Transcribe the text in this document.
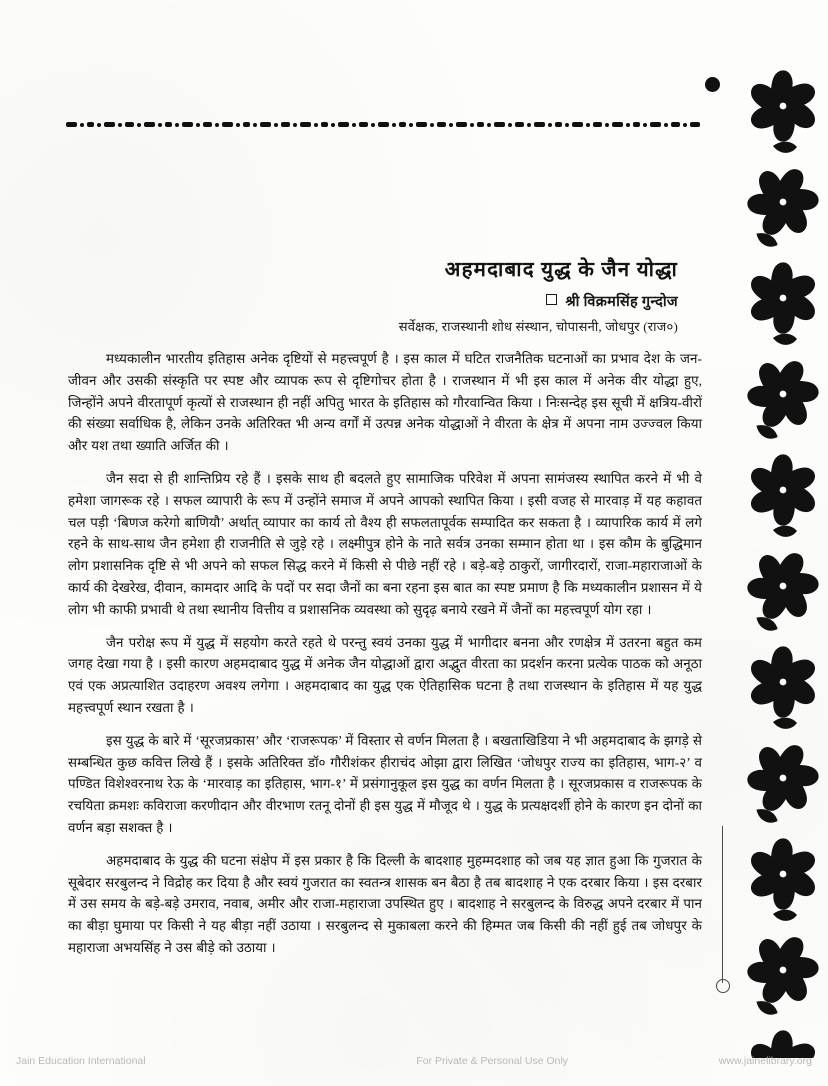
अहमदाबाद युद्ध के जैन योद्धा
श्री विक्रमसिंह गुन्दोज
सर्वेक्षक, राजस्थानी शोध संस्थान, चोपासनी, जोधपुर (राज०)

मध्यकालीन भारतीय इतिहास अनेक दृष्टियों से महत्त्वपूर्ण है । इस काल में घटित राजनैतिक घटनाओं का प्रभाव देश के जन-जीवन और उसकी संस्कृति पर स्पष्ट और व्यापक रूप से दृष्टिगोचर होता है । राजस्थान में भी इस काल में अनेक वीर योद्धा हुए, जिन्होंने अपने वीरतापूर्ण कृत्यों से राजस्थान ही नहीं अपितु भारत के इतिहास को गौरवान्वित किया । निःसन्देह इस सूची में क्षत्रिय-वीरों की संख्या सर्वाधिक है, लेकिन उनके अतिरिक्त भी अन्य वर्गों में उत्पन्न अनेक योद्धाओं ने वीरता के क्षेत्र में अपना नाम उज्ज्वल किया और यश तथा ख्याति अर्जित की ।

जैन सदा से ही शान्तिप्रिय रहे हैं । इसके साथ ही बदलते हुए सामाजिक परिवेश में अपना सामंजस्य स्थापित करने में भी वे हमेशा जागरूक रहे । सफल व्यापारी के रूप में उन्होंने समाज में अपने आपको स्थापित किया । इसी वजह से मारवाड़ में यह कहावत चल पड़ी ‘बिणज करेगो बाणियौ’ अर्थात् व्यापार का कार्य तो वैश्य ही सफलतापूर्वक सम्पादित कर सकता है । व्यापारिक कार्य में लगे रहने के साथ-साथ जैन हमेशा ही राजनीति से जुड़े रहे । लक्ष्मीपुत्र होने के नाते सर्वत्र उनका सम्मान होता था । इस कौम के बुद्धिमान लोग प्रशासनिक दृष्टि से भी अपने को सफल सिद्ध करने में किसी से पीछे नहीं रहे । बड़े-बड़े ठाकुरों, जागीरदारों, राजा-महाराजाओं के कार्य की देखरेख, दीवान, कामदार आदि के पदों पर सदा जैनों का बना रहना इस बात का स्पष्ट प्रमाण है कि मध्यकालीन प्रशासन में ये लोग भी काफी प्रभावी थे तथा स्थानीय वित्तीय व प्रशासनिक व्यवस्था को सुदृढ़ बनाये रखने में जैनों का महत्त्वपूर्ण योग रहा ।

जैन परोक्ष रूप में युद्ध में सहयोग करते रहते थे परन्तु स्वयं उनका युद्ध में भागीदार बनना और रणक्षेत्र में उतरना बहुत कम जगह देखा गया है । इसी कारण अहमदाबाद युद्ध में अनेक जैन योद्धाओं द्वारा अद्भुत वीरता का प्रदर्शन करना प्रत्येक पाठक को अनूठा एवं एक अप्रत्याशित उदाहरण अवश्य लगेगा । अहमदाबाद का युद्ध एक ऐतिहासिक घटना है तथा राजस्थान के इतिहास में यह युद्ध महत्त्वपूर्ण स्थान रखता है ।

इस युद्ध के बारे में ‘सूरजप्रकास’ और ‘राजरूपक’ में विस्तार से वर्णन मिलता है । बखताखिडिया ने भी अहमदाबाद के झगड़े से सम्बन्धित कुछ कवित्त लिखे हैं । इसके अतिरिक्त डॉ० गौरीशंकर हीराचंद ओझा द्वारा लिखित ‘जोधपुर राज्य का इतिहास, भाग-२’ व पण्डित विशेश्वरनाथ रेऊ के ‘मारवाड़ का इतिहास, भाग-१’ में प्रसंगानुकूल इस युद्ध का वर्णन मिलता है । सूरजप्रकास व राजरूपक के रचयिता क्रमशः कविराजा करणीदान और वीरभाण रतनू दोनों ही इस युद्ध में मौजूद थे । युद्ध के प्रत्यक्षदर्शी होने के कारण इन दोनों का वर्णन बड़ा सशक्त है ।

अहमदाबाद के युद्ध की घटना संक्षेप में इस प्रकार है कि दिल्ली के बादशाह मुहम्मदशाह को जब यह ज्ञात हुआ कि गुजरात के सूबेदार सरबुलन्द ने विद्रोह कर दिया है और स्वयं गुजरात का स्वतन्त्र शासक बन बैठा है तब बादशाह ने एक दरबार किया । इस दरबार में उस समय के बड़े-बड़े उमराव, नवाब, अमीर और राजा-महाराजा उपस्थित हुए । बादशाह ने सरबुलन्द के विरुद्ध अपने दरबार में पान का बीड़ा घुमाया पर किसी ने यह बीड़ा नहीं उठाया । सरबुलन्द से मुकाबला करने की हिम्मत जब किसी की नहीं हुई तब जोधपुर के महाराजा अभयसिंह ने उस बीड़े को उठाया ।

Jain Education International	For Private & Personal Use Only	www.jainelibrary.org
